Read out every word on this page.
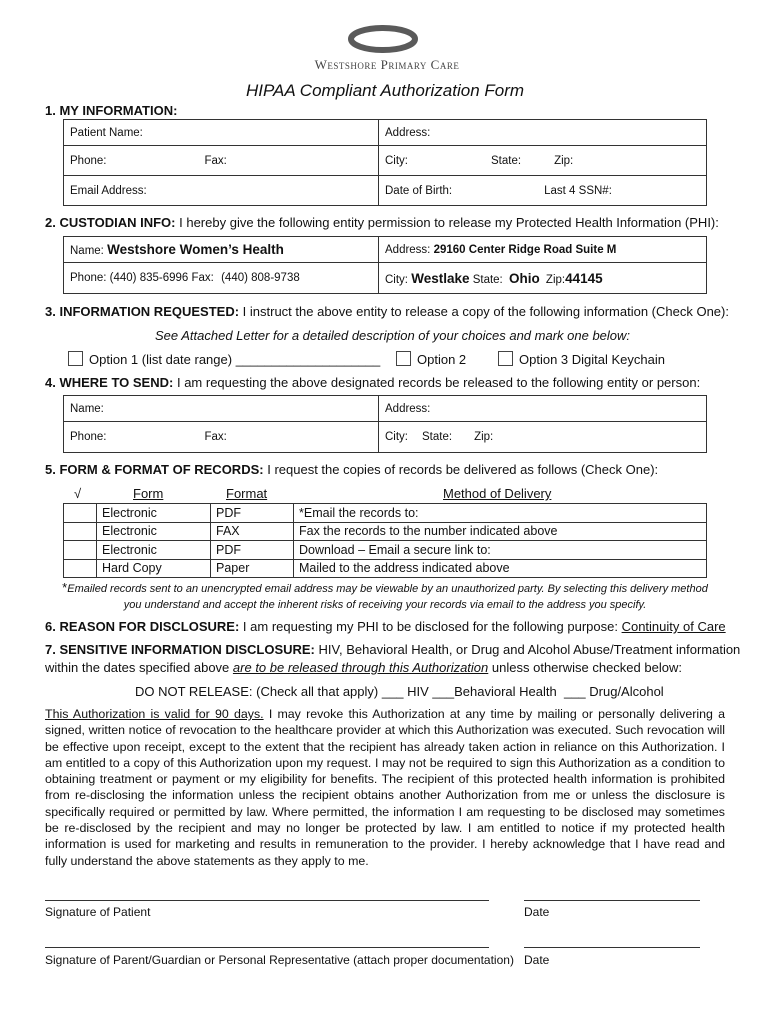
Westshore Primary Care
HIPAA Compliant Authorization Form
1. MY INFORMATION:
Patient Name:	Address:
Phone: Fax:	City: State: Zip:
Email Address:	Date of Birth: Last 4 SSN#:
2. CUSTODIAN INFO: I hereby give the following entity permission to release my Protected Health Information (PHI):
Name: Westshore Women’s Health	Address: 29160 Center Ridge Road Suite M
Phone: (440) 835-6996 Fax: (440) 808-9738	City: Westlake State: Ohio Zip:44145
3. INFORMATION REQUESTED: I instruct the above entity to release a copy of the following information (Check One):
See Attached Letter for a detailed description of your choices and mark one below:
Option 1 (list date range) ____________________	Option 2	Option 3 Digital Keychain
4. WHERE TO SEND: I am requesting the above designated records be released to the following entity or person:
Name:	Address:
Phone: Fax:	City: State: Zip:
5. FORM & FORMAT OF RECORDS: I request the copies of records be delivered as follows (Check One):
√	Form	Format	Method of Delivery
	Electronic	PDF	*Email the records to:
	Electronic	FAX	Fax the records to the number indicated above
	Electronic	PDF	Download – Email a secure link to:
	Hard Copy	Paper	Mailed to the address indicated above
*Emailed records sent to an unencrypted email address may be viewable by an unauthorized party. By selecting this delivery method
you understand and accept the inherent risks of receiving your records via email to the address you specify.
6. REASON FOR DISCLOSURE: I am requesting my PHI to be disclosed for the following purpose: Continuity of Care
7. SENSITIVE INFORMATION DISCLOSURE: HIV, Behavioral Health, or Drug and Alcohol Abuse/Treatment information
within the dates specified above are to be released through this Authorization unless otherwise checked below:
DO NOT RELEASE: (Check all that apply) ___ HIV ___Behavioral Health  ___ Drug/Alcohol
This Authorization is valid for 90 days. I may revoke this Authorization at any time by mailing or personally delivering a signed, written notice of revocation to the healthcare provider at which this Authorization was executed. Such revocation will be effective upon receipt, except to the extent that the recipient has already taken action in reliance on this Authorization. I am entitled to a copy of this Authorization upon my request. I may not be required to sign this Authorization as a condition to obtaining treatment or payment or my eligibility for benefits. The recipient of this protected health information is prohibited from re-disclosing the information unless the recipient obtains another Authorization from me or unless the disclosure is specifically required or permitted by law. Where permitted, the information I am requesting to be disclosed may sometimes be re-disclosed by the recipient and may no longer be protected by law. I am entitled to notice if my protected health information is used for marketing and results in remuneration to the provider. I hereby acknowledge that I have read and fully understand the above statements as they apply to me.
Signature of Patient	Date
Signature of Parent/Guardian or Personal Representative (attach proper documentation) Date
